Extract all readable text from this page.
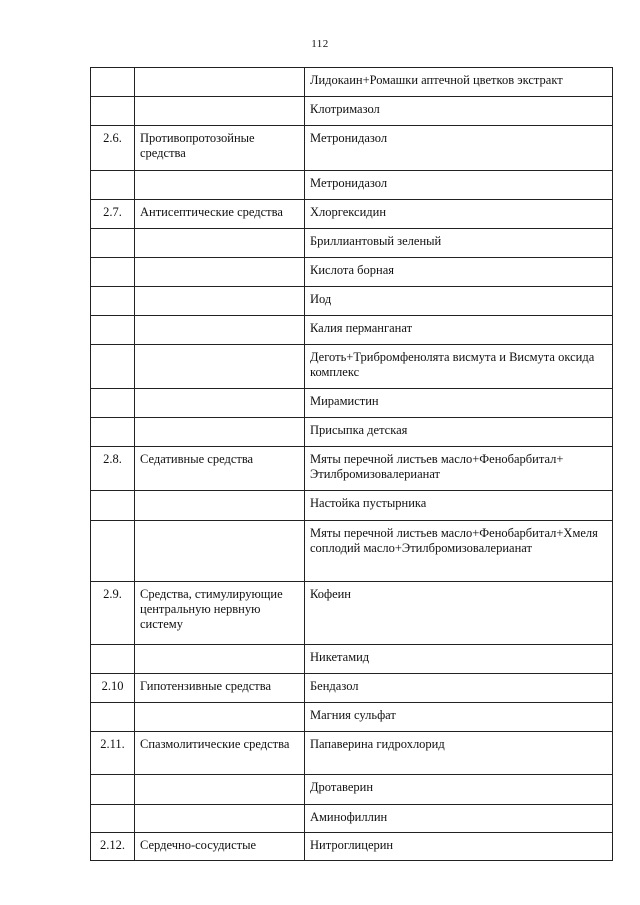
112
		Лидокаин+Ромашки аптечной цветков экстракт
		Клотримазол
2.6.	Противопротозойные средства	Метронидазол
		Метронидазол
2.7.	Антисептические средства	Хлоргексидин
		Бриллиантовый зеленый
		Кислота борная
		Иод
		Калия перманганат
		Деготь+Трибромфенолята висмута и Висмута оксида комплекс
		Мирамистин
		Присыпка детская
2.8.	Седативные средства	Мяты перечной листьев масло+Фенобарбитал+ Этилбромизовалерианат
		Настойка пустырника
		Мяты перечной листьев масло+Фенобарбитал+Хмеля соплодий масло+Этилбромизовалерианат
2.9.	Средства, стимулирующие центральную нервную систему	Кофеин
		Никетамид
2.10	Гипотензивные средства	Бендазол
		Магния сульфат
2.11.	Спазмолитические средства	Папаверина гидрохлорид
		Дротаверин
		Аминофиллин
2.12.	Сердечно-сосудистые	Нитроглицерин
